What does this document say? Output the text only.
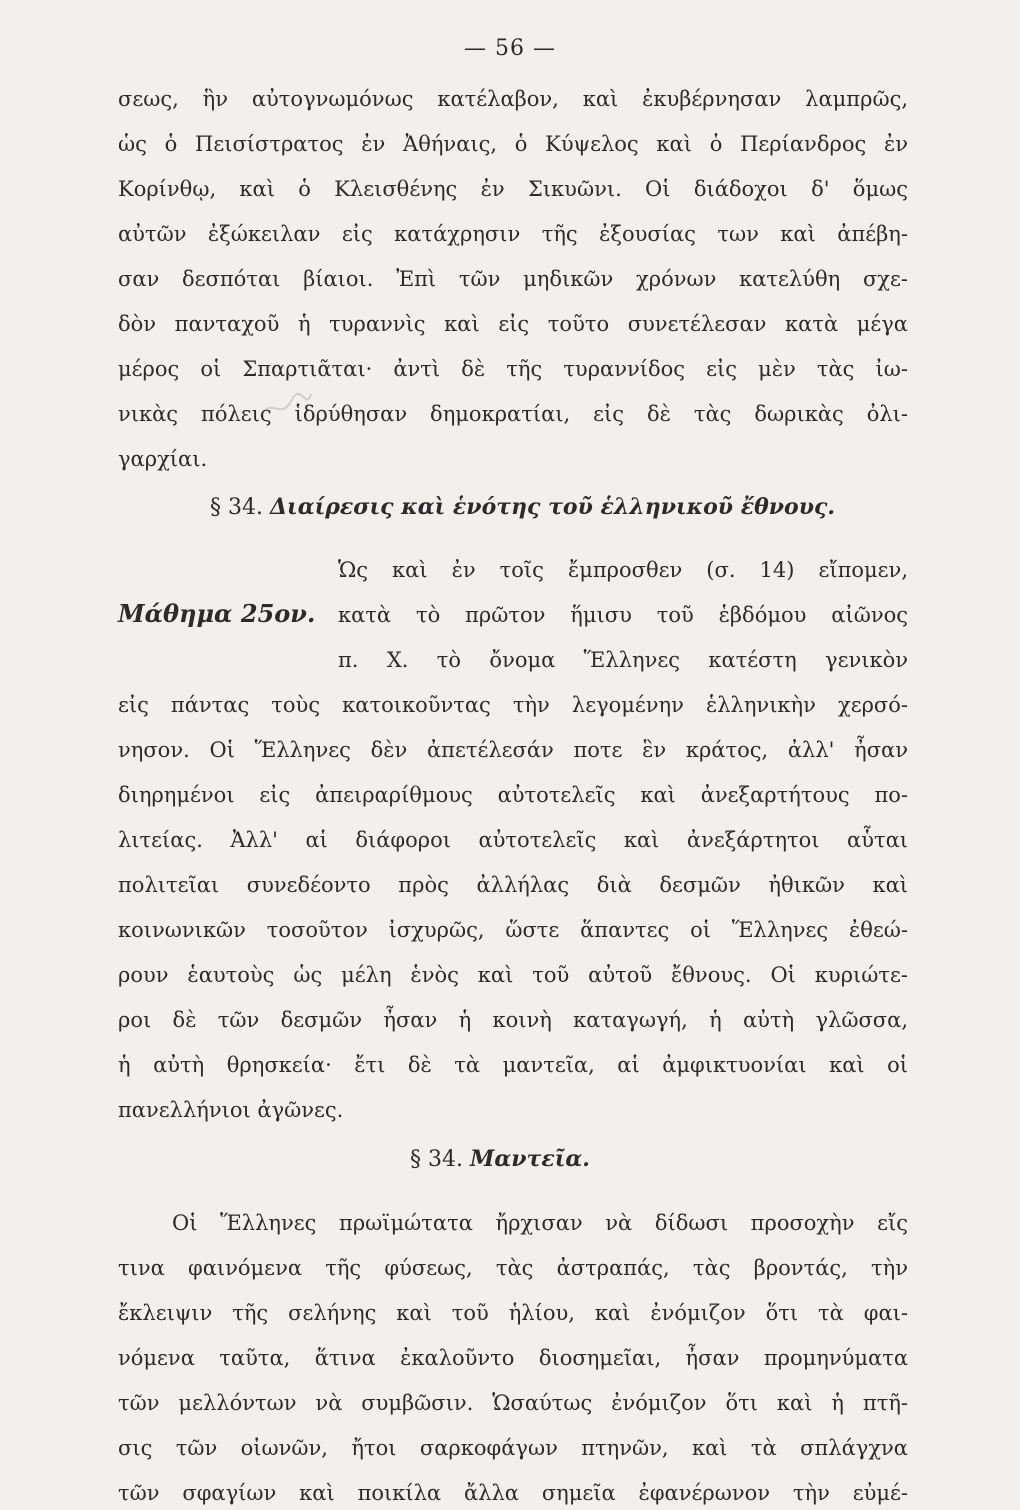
— 56 —
σεως, ἣν αὐτογνωμόνως κατέλαβον, καὶ ἐκυβέρνησαν λαμπρῶς,
ὡς ὁ Πεισίστρατος ἐν Ἀθήναις, ὁ Κύψελος καὶ ὁ Περίανδρος ἐν
Κορίνθῳ, καὶ ὁ Κλεισθένης ἐν Σικυῶνι. Οἱ διάδοχοι δ' ὅμως
αὐτῶν ἐξώκειλαν εἰς κατάχρησιν τῆς ἐξουσίας των καὶ ἀπέβη-
σαν δεσπόται βίαιοι. Ἐπὶ τῶν μηδικῶν χρόνων κατελύθη σχε-
δὸν πανταχοῦ ἡ τυραννὶς καὶ εἰς τοῦτο συνετέλεσαν κατὰ μέγα
μέρος οἱ Σπαρτιᾶται· ἀντὶ δὲ τῆς τυραννίδος εἰς μὲν τὰς ἰω-
νικὰς πόλεις ἱδρύθησαν δημοκρατίαι, εἰς δὲ τὰς δωρικὰς ὀλι-
γαρχίαι.
§ 34. Διαίρεσις καὶ ἑνότης τοῦ ἑλληνικοῦ ἔθνους.
Ὡς καὶ ἐν τοῖς ἔμπροσθεν (σ. 14) εἴπομεν,
Μάθημα 25ον. κατὰ τὸ πρῶτον ἥμισυ τοῦ ἑβδόμου αἰῶνος
π. Χ. τὸ ὄνομα Ἕλληνες κατέστη γενικὸν
εἰς πάντας τοὺς κατοικοῦντας τὴν λεγομένην ἑλληνικὴν χερσό-
νησον. Οἱ Ἕλληνες δὲν ἀπετέλεσάν ποτε ἓν κράτος, ἀλλ' ἦσαν
διηρημένοι εἰς ἀπειραρίθμους αὐτοτελεῖς καὶ ἀνεξαρτήτους πο-
λιτείας. Ἀλλ' αἱ διάφοροι αὐτοτελεῖς καὶ ἀνεξάρτητοι αὗται
πολιτεῖαι συνεδέοντο πρὸς ἀλλήλας διὰ δεσμῶν ἠθικῶν καὶ
κοινωνικῶν τοσοῦτον ἰσχυρῶς, ὥστε ἅπαντες οἱ Ἕλληνες ἐθεώ-
ρουν ἑαυτοὺς ὡς μέλη ἑνὸς καὶ τοῦ αὐτοῦ ἔθνους. Οἱ κυριώτε-
ροι δὲ τῶν δεσμῶν ἦσαν ἡ κοινὴ καταγωγή, ἡ αὐτὴ γλῶσσα,
ἡ αὐτὴ θρησκεία· ἔτι δὲ τὰ μαντεῖα, αἱ ἀμφικτυονίαι καὶ οἱ
πανελλήνιοι ἀγῶνες.
§ 34. Μαντεῖα.
Οἱ Ἕλληνες πρωϊμώτατα ἤρχισαν νὰ δίδωσι προσοχὴν εἴς
τινα φαινόμενα τῆς φύσεως, τὰς ἀστραπάς, τὰς βροντάς, τὴν
ἔκλειψιν τῆς σελήνης καὶ τοῦ ἡλίου, καὶ ἐνόμιζον ὅτι τὰ φαι-
νόμενα ταῦτα, ἅτινα ἐκαλοῦντο διοσημεῖαι, ἦσαν προμηνύματα
τῶν μελλόντων νὰ συμβῶσιν. Ὡσαύτως ἐνόμιζον ὅτι καὶ ἡ πτῆ-
σις τῶν οἰωνῶν, ἤτοι σαρκοφάγων πτηνῶν, καὶ τὰ σπλάγχνα
τῶν σφαγίων καὶ ποικίλα ἄλλα σημεῖα ἐφανέρωνον τὴν εὐμέ-
